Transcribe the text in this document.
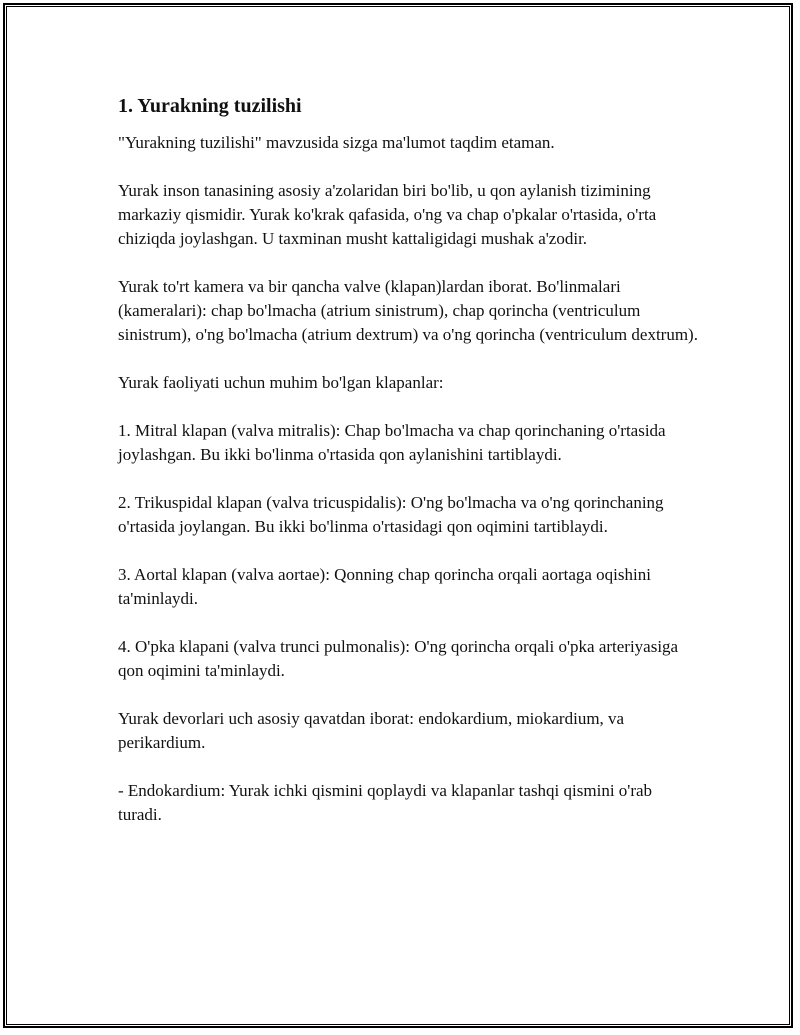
1. Yurakning tuzilishi

"Yurakning tuzilishi" mavzusida sizga ma'lumot taqdim etaman.

Yurak inson tanasining asosiy a'zolaridan biri bo'lib, u qon aylanish tizimining markaziy qismidir. Yurak ko'krak qafasida, o'ng va chap o'pkalar o'rtasida, o'rta chiziqda joylashgan. U taxminan musht kattaligidagi mushak a'zodir.

Yurak to'rt kamera va bir qancha valve (klapan)lardan iborat. Bo'linmalari (kameralari): chap bo'lmacha (atrium sinistrum), chap qorincha (ventriculum sinistrum), o'ng bo'lmacha (atrium dextrum) va o'ng qorincha (ventriculum dextrum).

Yurak faoliyati uchun muhim bo'lgan klapanlar:

1. Mitral klapan (valva mitralis): Chap bo'lmacha va chap qorinchaning o'rtasida joylashgan. Bu ikki bo'linma o'rtasida qon aylanishini tartiblaydi.

2. Trikuspidal klapan (valva tricuspidalis): O'ng bo'lmacha va o'ng qorinchaning o'rtasida joylangan. Bu ikki bo'linma o'rtasidagi qon oqimini tartiblaydi.

3. Aortal klapan (valva aortae): Qonning chap qorincha orqali aortaga oqishini ta'minlaydi.

4. O'pka klapani (valva trunci pulmonalis): O'ng qorincha orqali o'pka arteriyasiga qon oqimini ta'minlaydi.

Yurak devorlari uch asosiy qavatdan iborat: endokardium, miokardium, va perikardium.

- Endokardium: Yurak ichki qismini qoplaydi va klapanlar tashqi qismini o'rab turadi.
